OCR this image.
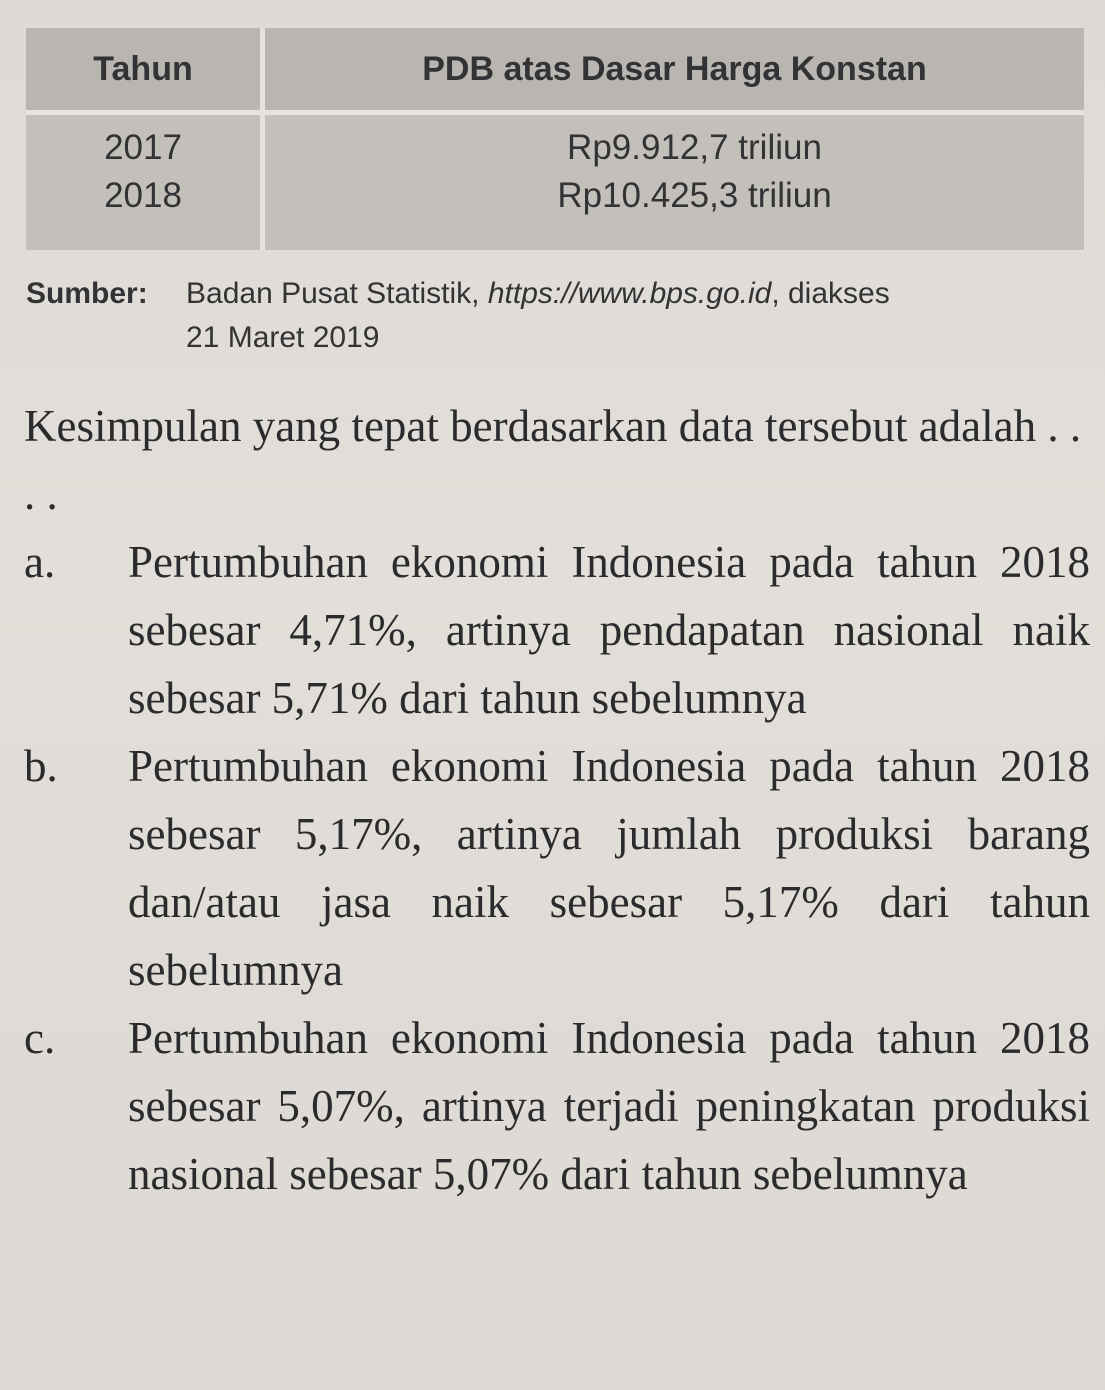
Tahun	PDB atas Dasar Harga Konstan
2017	Rp9.912,7 triliun
2018	Rp10.425,3 triliun
Sumber: Badan Pusat Statistik, https://www.bps.go.id, diakses
21 Maret 2019
Kesimpulan yang tepat berdasarkan data tersebut adalah . . . .
a. Pertumbuhan ekonomi Indonesia pada tahun 2018 sebesar 4,71%, artinya pendapatan nasional naik sebesar 5,71% dari tahun sebelumnya
b. Pertumbuhan ekonomi Indonesia pada tahun 2018 sebesar 5,17%, artinya jumlah produksi barang dan/atau jasa naik sebesar 5,17% dari tahun sebelumnya
c. Pertumbuhan ekonomi Indonesia pada tahun 2018 sebesar 5,07%, artinya terjadi peningkatan produksi nasional sebesar 5,07% dari tahun sebelumnya
